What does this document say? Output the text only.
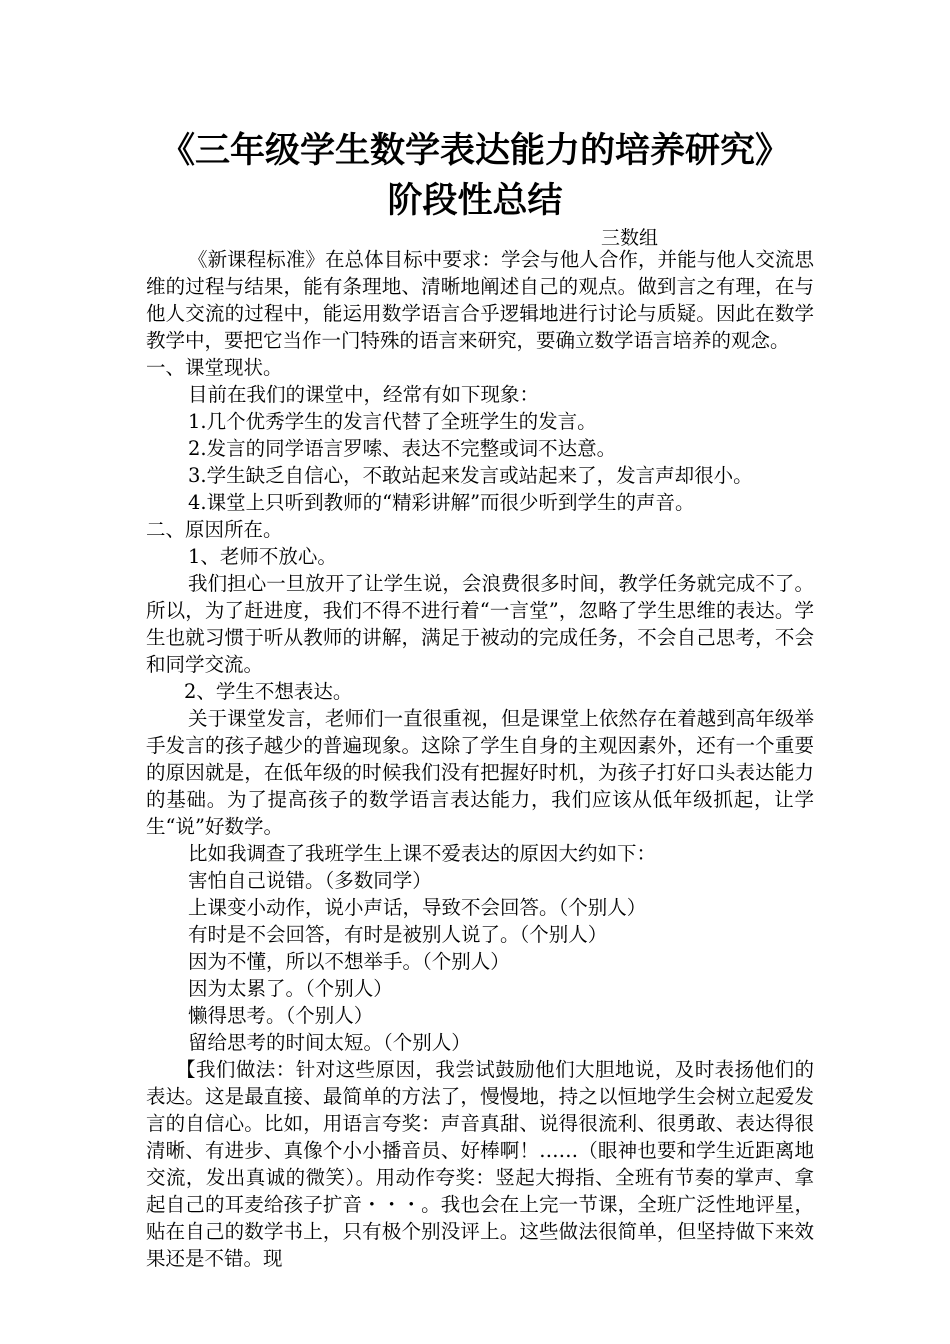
《三年级学生数学表达能力的培养研究》
阶段性总结
三数组

《新课程标准》在总体目标中要求：学会与他人合作，并能与他人交流思维的过程与结果，能有条理地、清晰地阐述自己的观点。做到言之有理，在与他人交流的过程中，能运用数学语言合乎逻辑地进行讨论与质疑。因此在数学教学中，要把它当作一门特殊的语言来研究，要确立数学语言培养的观念。

一、课堂现状。

目前在我们的课堂中，经常有如下现象：

1.几个优秀学生的发言代替了全班学生的发言。

2.发言的同学语言罗嗦、表达不完整或词不达意。

3.学生缺乏自信心，不敢站起来发言或站起来了，发言声却很小。

4.课堂上只听到教师的“精彩讲解”而很少听到学生的声音。

二、原因所在。

1、老师不放心。

我们担心一旦放开了让学生说，会浪费很多时间，教学任务就完成不了。所以，为了赶进度，我们不得不进行着“一言堂”，忽略了学生思维的表达。学生也就习惯于听从教师的讲解，满足于被动的完成任务，不会自己思考，不会和同学交流。

2、学生不想表达。

关于课堂发言，老师们一直很重视，但是课堂上依然存在着越到高年级举手发言的孩子越少的普遍现象。这除了学生自身的主观因素外，还有一个重要的原因就是，在低年级的时候我们没有把握好时机，为孩子打好口头表达能力的基础。为了提高孩子的数学语言表达能力，我们应该从低年级抓起，让学生“说”好数学。

比如我调查了我班学生上课不爱表达的原因大约如下：

害怕自己说错。（多数同学）

上课变小动作，说小声话，导致不会回答。（个别人）

有时是不会回答，有时是被别人说了。（个别人）

因为不懂，所以不想举手。（个别人）

因为太累了。（个别人）

懒得思考。（个别人）

留给思考的时间太短。（个别人）

【我们做法：针对这些原因，我尝试鼓励他们大胆地说，及时表扬他们的表达。这是最直接、最简单的方法了，慢慢地，持之以恒地学生会树立起爱发言的自信心。比如，用语言夸奖：声音真甜、说得很流利、很勇敢、表达得很清晰、有进步、真像个小小播音员、好棒啊！……（眼神也要和学生近距离地交流，发出真诚的微笑）。用动作夸奖：竖起大拇指、全班有节奏的掌声、拿起自己的耳麦给孩子扩音・・・。我也会在上完一节课，全班广泛性地评星，贴在自己的数学书上，只有极个别没评上。这些做法很简单，但坚持做下来效果还是不错。现
